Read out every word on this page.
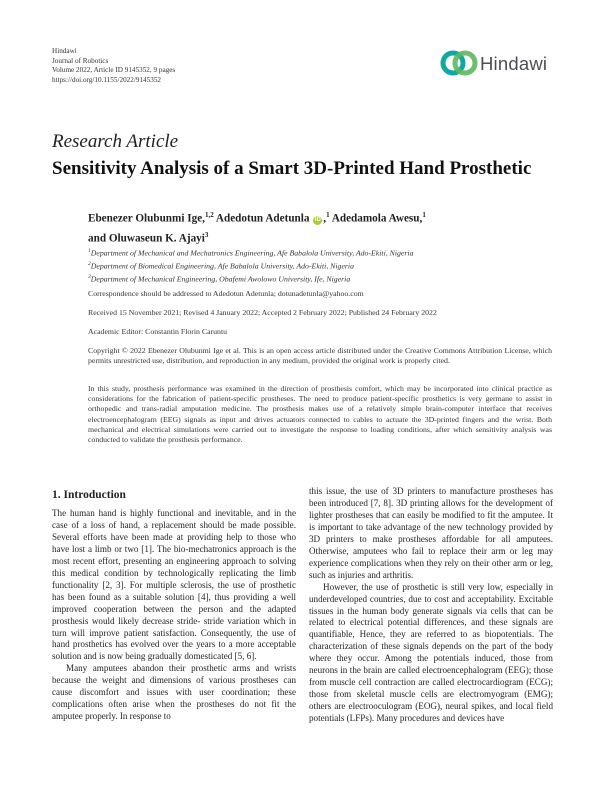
Hindawi
Journal of Robotics
Volume 2022, Article ID 9145352, 9 pages
https://doi.org/10.1155/2022/9145352
Hindawi
Research Article
Sensitivity Analysis of a Smart 3D-Printed Hand Prosthetic
Ebenezer Olubunmi Ige,$^{1,2}$ Adedotun Adetunla iD ,$^1$ Adedamola Awesu,$^1$
and Oluwaseun K. Ajayi$^3$
$^1$Department of Mechanical and Mechatronics Engineering, Afe Babalola University, Ado-Ekiti, Nigeria
$^2$Department of Biomedical Engineering, Afe Babalola University, Ado-Ekiti, Nigeria
$^3$Department of Mechanical Engineering, Obafemi Awolowo University, Ife, Nigeria
Correspondence should be addressed to Adedotun Adetunla; dotunadetunla@yahoo.com
Received 15 November 2021; Revised 4 January 2022; Accepted 2 February 2022; Published 24 February 2022
Academic Editor: Constantin Florin Caruntu
Copyright © 2022 Ebenezer Olubunmi Ige et al. This is an open access article distributed under the Creative Commons Attribution License, which permits unrestricted use, distribution, and reproduction in any medium, provided the original work is properly cited.
In this study, prosthesis performance was examined in the direction of prosthesis comfort, which may be incorporated into clinical practice as considerations for the fabrication of patient-specific prostheses. The need to produce patient-specific prosthetics is very germane to assist in orthopedic and trans-radial amputation medicine. The prosthesis makes use of a relatively simple brain-computer interface that receives electroencephalogram (EEG) signals as input and drives actuators connected to cables to actuate the 3D-printed fingers and the wrist. Both mechanical and electrical simulations were carried out to investigate the response to loading conditions, after which sensitivity analysis was conducted to validate the prosthesis performance.
1. Introduction

The human hand is highly functional and inevitable, and in the case of a loss of hand, a replacement should be made possible. Several efforts have been made at providing help to those who have lost a limb or two [1]. The bio-mechatronics approach is the most recent effort, presenting an engineering approach to solving this medical condition by technologically replicating the limb functionality [2, 3]. For multiple sclerosis, the use of prosthetic has been found as a suitable solution [4], thus providing a well improved cooperation between the person and the adapted prosthesis would likely decrease stride- stride variation which in turn will improve patient satisfaction. Consequently, the use of hand prosthetics has evolved over the years to a more acceptable solution and is now being gradually domesticated [5, 6].

Many amputees abandon their prosthetic arms and wrists because the weight and dimensions of various prostheses can cause discomfort and issues with user coordination; these complications often arise when the prostheses do not fit the amputee properly. In response to

this issue, the use of 3D printers to manufacture prostheses has been introduced [7, 8]. 3D printing allows for the development of lighter prostheses that can easily be modified to fit the amputee. It is important to take advantage of the new technology provided by 3D printers to make prostheses affordable for all amputees. Otherwise, amputees who fail to replace their arm or leg may experience complications when they rely on their other arm or leg, such as injuries and arthritis.

However, the use of prosthetic is still very low, especially in underdeveloped countries, due to cost and acceptability. Excitable tissues in the human body generate signals via cells that can be related to electrical potential differences, and these signals are quantifiable, Hence, they are referred to as biopotentials. The characterization of these signals depends on the part of the body where they occur. Among the potentials induced, those from neurons in the brain are called electroencephalogram (EEG); those from muscle cell contraction are called electrocardiogram (ECG); those from skeletal muscle cells are electromyogram (EMG); others are electrooculogram (EOG), neural spikes, and local field potentials (LFPs). Many procedures and devices have
